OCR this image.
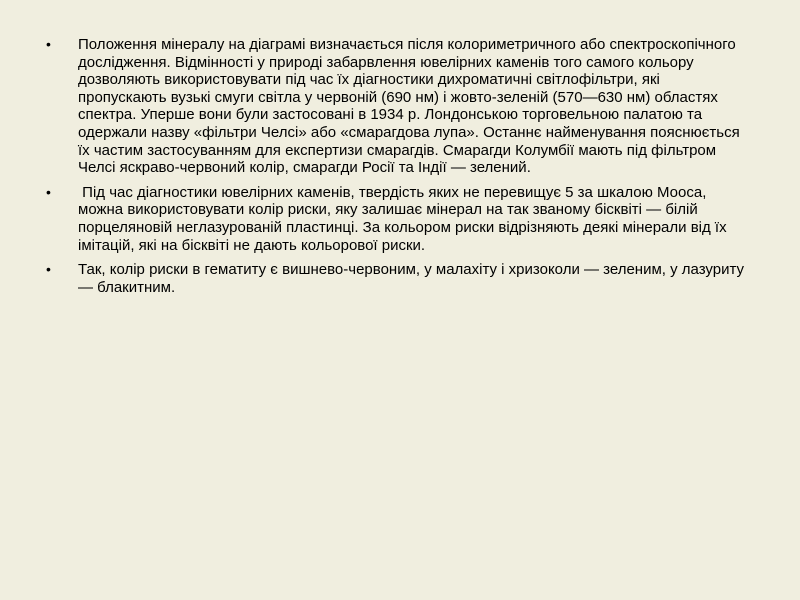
• Положення мінералу на діаграмі визначається після колориметричного або спектроскопічного дослідження. Відмінності у природі забарвлення ювелірних каменів того самого кольору дозволяють використовувати під час їх діагностики дихроматичні світлофільтри, які пропускають вузькі смуги світла у червоній (690 нм) і жовто-зеленій (570—630 нм) областях спектра. Уперше вони були застосовані в 1934 р. Лондонською торговельною палатою та одержали назву «фільтри Челсі» або «смарагдова лупа». Останнє найменування пояснюється їх частим застосуванням для експертизи смарагдів. Смарагди Колумбії мають під фільтром Челсі яскраво-червоний колір, смарагди Росії та Індії — зелений.
• Під час діагностики ювелірних каменів, твердість яких не перевищує 5 за шкалою Мооса, можна використовувати колір риски, яку залишає мінерал на так званому бісквіті — білій порцеляновій неглазурованій пластинці. За кольором риски відрізняють деякі мінерали від їх імітацій, які на бісквіті не дають кольорової риски.
• Так, колір риски в гематиту є вишнево-червоним, у малахіту і хризоколи — зеленим, у лазуриту — блакитним.
